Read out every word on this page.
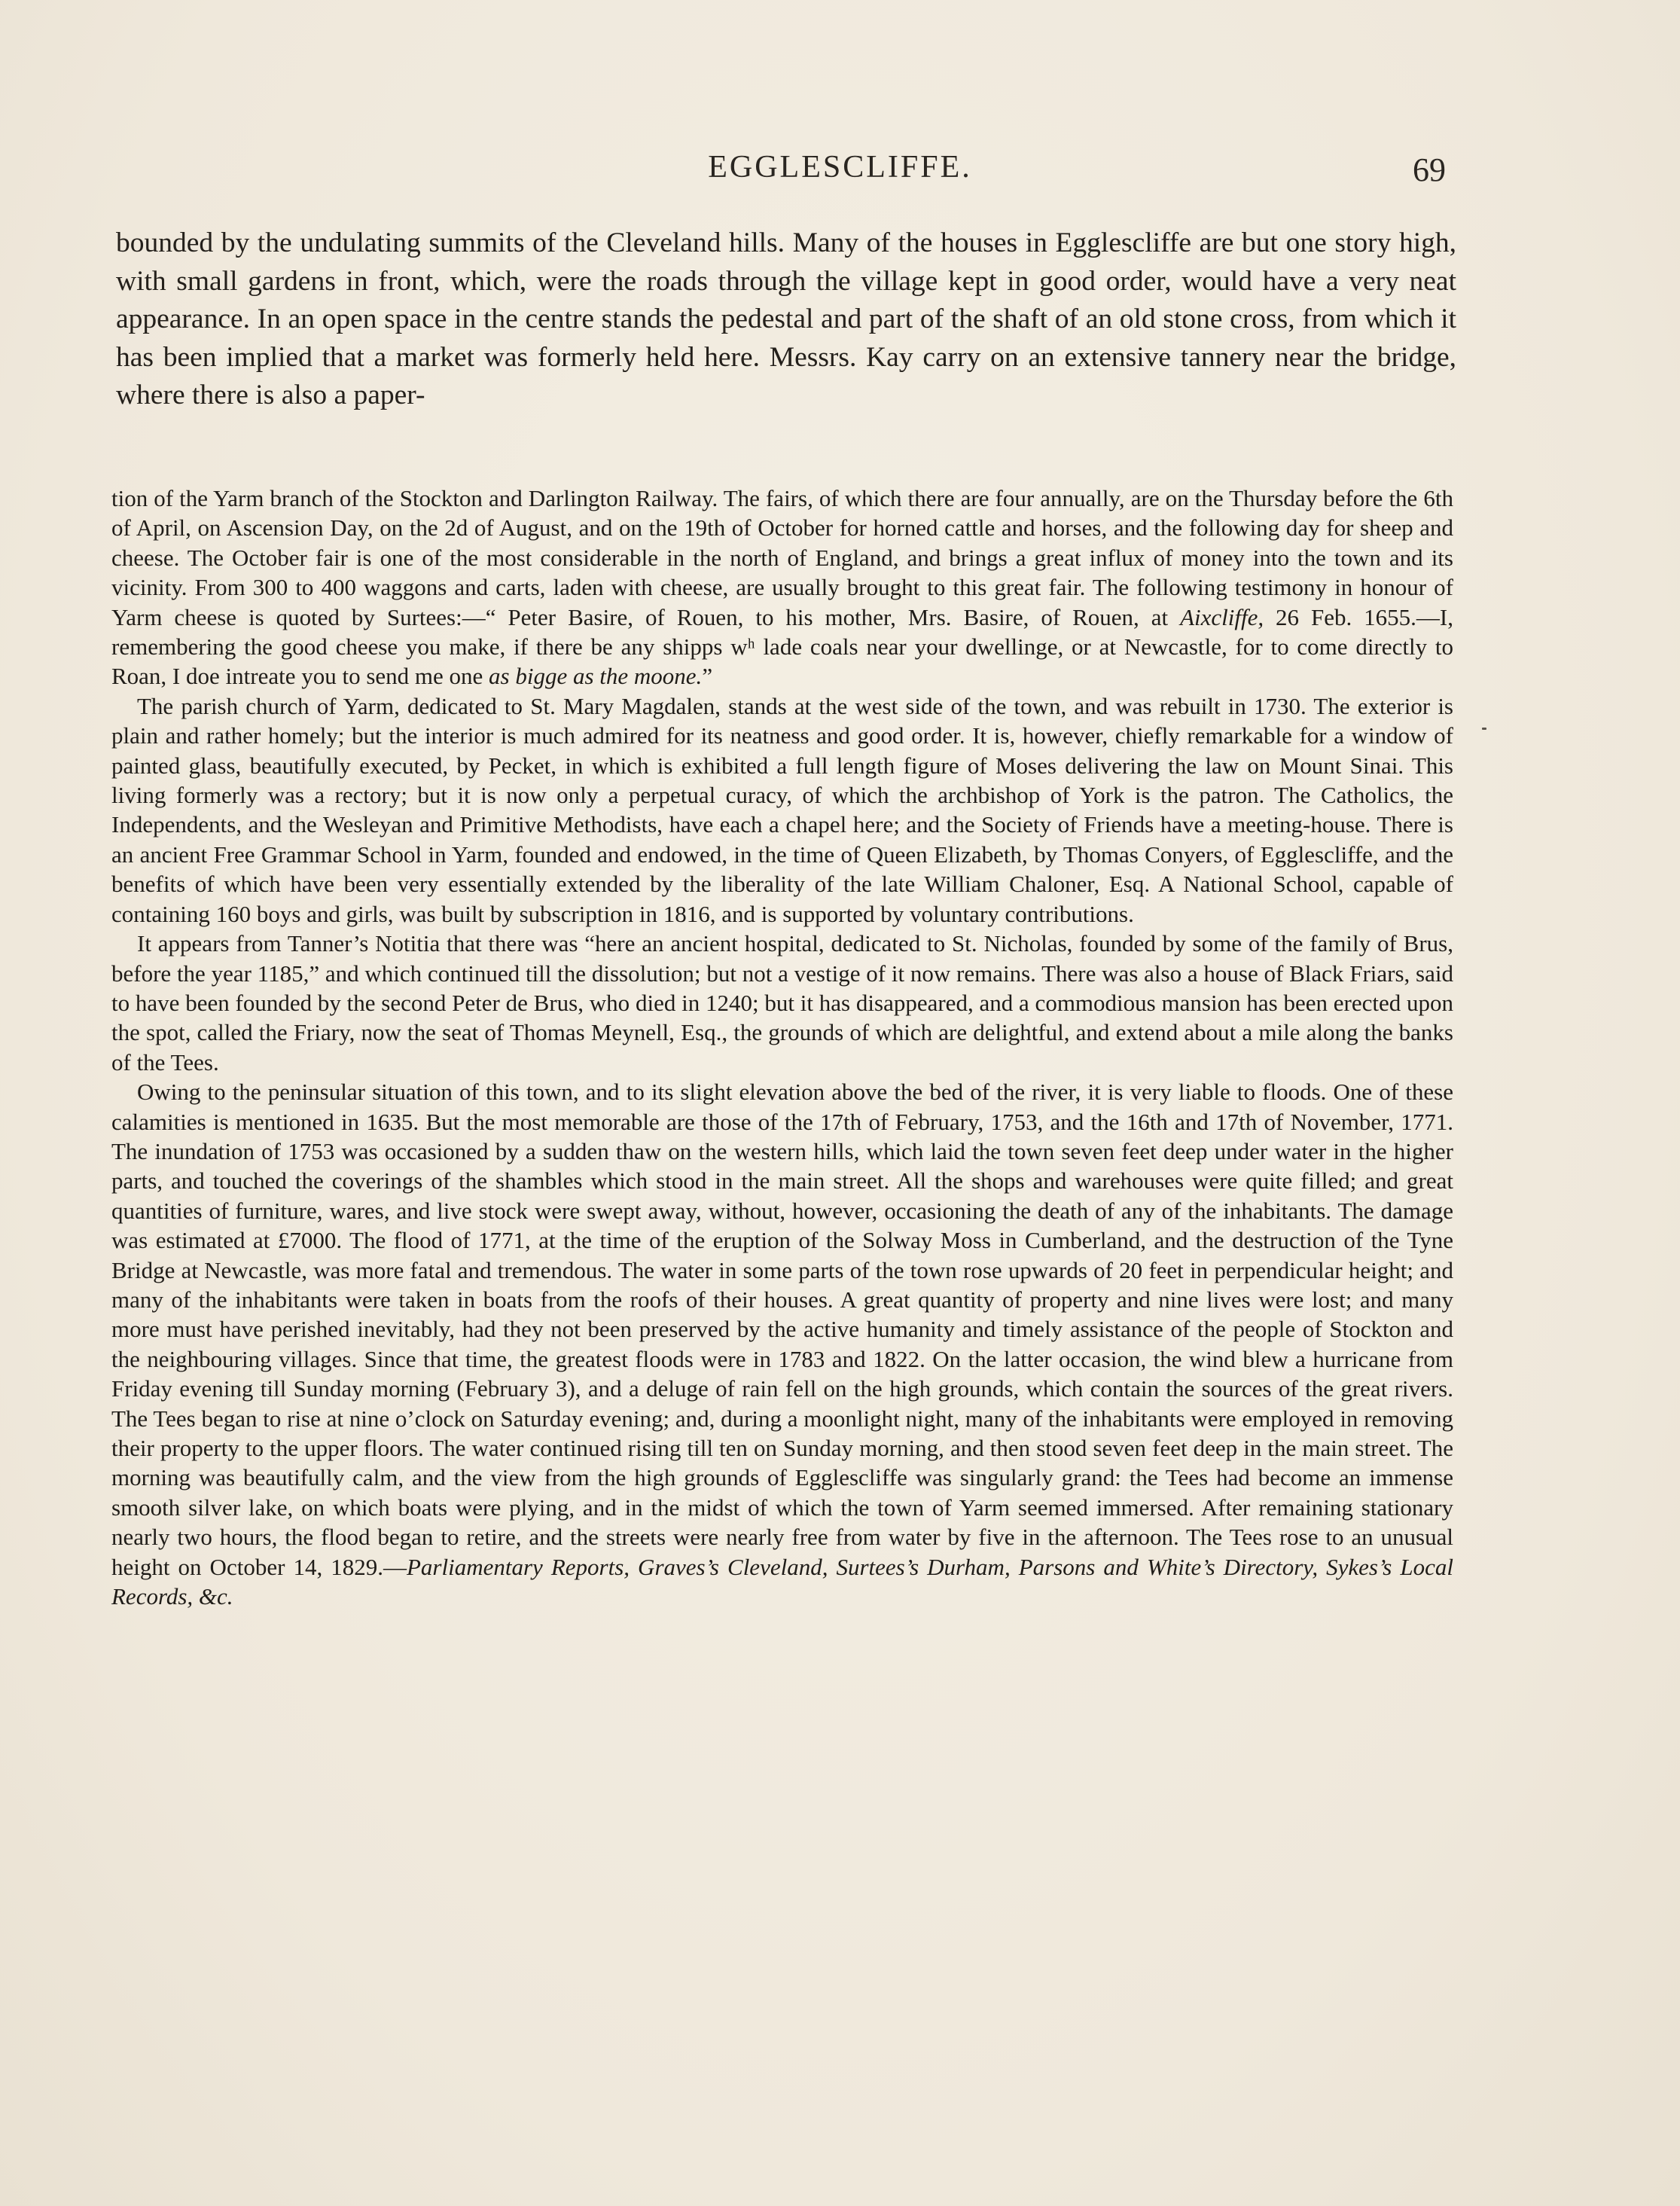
EGGLESCLIFFE.	69

bounded by the undulating summits of the Cleveland hills. Many of the houses in Egglescliffe are but one story high, with small gardens in front, which, were the roads through the village kept in good order, would have a very neat appearance. In an open space in the centre stands the pedestal and part of the shaft of an old stone cross, from which it has been implied that a market was formerly held here. Messrs. Kay carry on an extensive tannery near the bridge, where there is also a paper-

tion of the Yarm branch of the Stockton and Darlington Railway. The fairs, of which there are four annually, are on the Thursday before the 6th of April, on Ascension Day, on the 2d of August, and on the 19th of October for horned cattle and horses, and the following day for sheep and cheese. The October fair is one of the most considerable in the north of England, and brings a great influx of money into the town and its vicinity. From 300 to 400 waggons and carts, laden with cheese, are usually brought to this great fair. The following testimony in honour of Yarm cheese is quoted by Surtees:—“ Peter Basire, of Rouen, to his mother, Mrs. Basire, of Rouen, at Aixcliffe, 26 Feb. 1655.—I, remembering the good cheese you make, if there be any shipps wʰ lade coals near your dwellinge, or at Newcastle, for to come directly to Roan, I doe intreate you to send me one as bigge as the moone.”

The parish church of Yarm, dedicated to St. Mary Magdalen, stands at the west side of the town, and was rebuilt in 1730. The exterior is plain and rather homely; but the interior is much admired for its neatness and good order. It is, however, chiefly remarkable for a window of painted glass, beautifully executed, by Pecket, in which is exhibited a full length figure of Moses delivering the law on Mount Sinai. This living formerly was a rectory; but it is now only a perpetual curacy, of which the archbishop of York is the patron. The Catholics, the Independents, and the Wesleyan and Primitive Methodists, have each a chapel here; and the Society of Friends have a meeting-house. There is an ancient Free Grammar School in Yarm, founded and endowed, in the time of Queen Elizabeth, by Thomas Conyers, of Egglescliffe, and the benefits of which have been very essentially extended by the liberality of the late William Chaloner, Esq. A National School, capable of containing 160 boys and girls, was built by subscription in 1816, and is supported by voluntary contributions.

It appears from Tanner’s Notitia that there was “here an ancient hospital, dedicated to St. Nicholas, founded by some of the family of Brus, before the year 1185,” and which continued till the dissolution; but not a vestige of it now remains. There was also a house of Black Friars, said to have been founded by the second Peter de Brus, who died in 1240; but it has disappeared, and a commodious mansion has been erected upon the spot, called the Friary, now the seat of Thomas Meynell, Esq., the grounds of which are delightful, and extend about a mile along the banks of the Tees.

Owing to the peninsular situation of this town, and to its slight elevation above the bed of the river, it is very liable to floods. One of these calamities is mentioned in 1635. But the most memorable are those of the 17th of February, 1753, and the 16th and 17th of November, 1771. The inundation of 1753 was occasioned by a sudden thaw on the western hills, which laid the town seven feet deep under water in the higher parts, and touched the coverings of the shambles which stood in the main street. All the shops and warehouses were quite filled; and great quantities of furniture, wares, and live stock were swept away, without, however, occasioning the death of any of the inhabitants. The damage was estimated at £7000. The flood of 1771, at the time of the eruption of the Solway Moss in Cumberland, and the destruction of the Tyne Bridge at Newcastle, was more fatal and tremendous. The water in some parts of the town rose upwards of 20 feet in perpendicular height; and many of the inhabitants were taken in boats from the roofs of their houses. A great quantity of property and nine lives were lost; and many more must have perished inevitably, had they not been preserved by the active humanity and timely assistance of the people of Stockton and the neighbouring villages. Since that time, the greatest floods were in 1783 and 1822. On the latter occasion, the wind blew a hurricane from Friday evening till Sunday morning (February 3), and a deluge of rain fell on the high grounds, which contain the sources of the great rivers. The Tees began to rise at nine o’clock on Saturday evening; and, during a moonlight night, many of the inhabitants were employed in removing their property to the upper floors. The water continued rising till ten on Sunday morning, and then stood seven feet deep in the main street. The morning was beautifully calm, and the view from the high grounds of Egglescliffe was singularly grand: the Tees had become an immense smooth silver lake, on which boats were plying, and in the midst of which the town of Yarm seemed immersed. After remaining stationary nearly two hours, the flood began to retire, and the streets were nearly free from water by five in the afternoon. The Tees rose to an unusual height on October 14, 1829.—Parliamentary Reports, Graves’s Cleveland, Surtees’s Durham, Parsons and White’s Directory, Sykes’s Local Records, &c.
